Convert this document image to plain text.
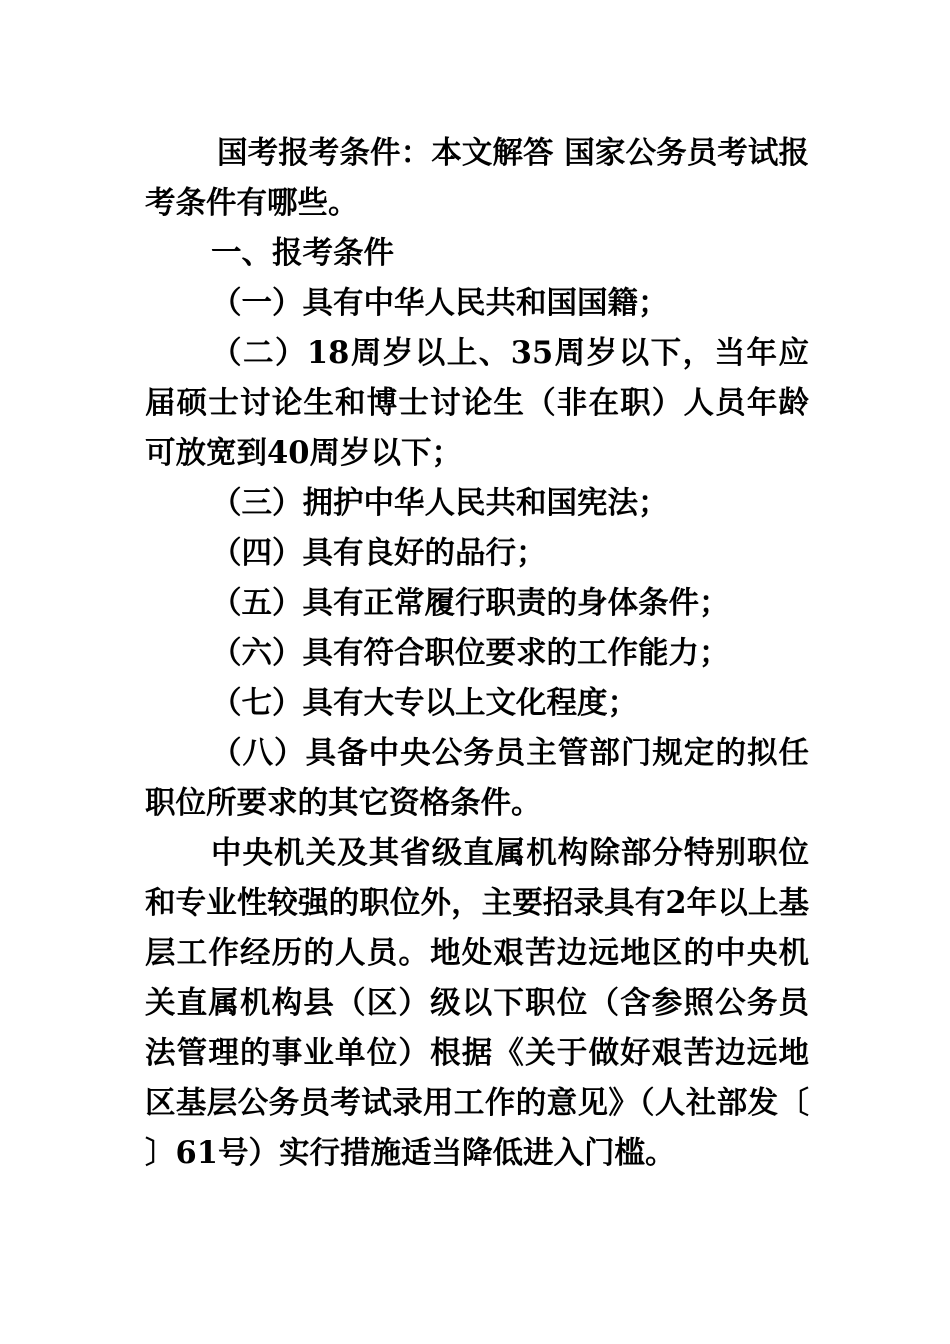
国考报考条件：本文解答 国家公务员考试报考条件有哪些。

一、报考条件

（一）具有中华人民共和国国籍；

（二）18周岁以上、35周岁以下，当年应届硕士讨论生和博士讨论生（非在职）人员年龄可放宽到40周岁以下；

（三）拥护中华人民共和国宪法；

（四）具有良好的品行；

（五）具有正常履行职责的身体条件；

（六）具有符合职位要求的工作能力；

（七）具有大专以上文化程度；

（八）具备中央公务员主管部门规定的拟任职位所要求的其它资格条件。

中央机关及其省级直属机构除部分特别职位和专业性较强的职位外，主要招录具有2年以上基层工作经历的人员。地处艰苦边远地区的中央机关直属机构县（区）级以下职位（含参照公务员法管理的事业单位）根据《关于做好艰苦边远地区基层公务员考试录用工作的意见》（人社部发〔 〕61号）实行措施适当降低进入门槛。
